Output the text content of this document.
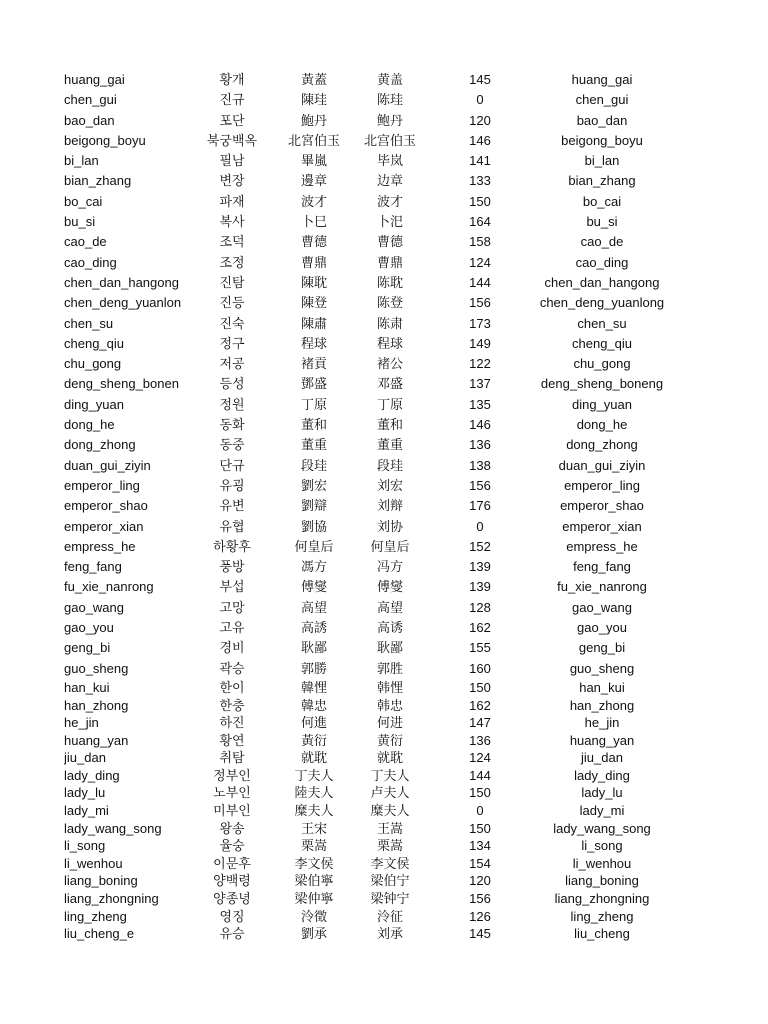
huang_gai	황개	黃蓋	黄盖	145	huang_gai
chen_gui	진규	陳珪	陈珪	0	chen_gui
bao_dan	포단	鮑丹	鲍丹	120	bao_dan
beigong_boyu	북궁백옥	北宮伯玉	北宫伯玉	146	beigong_boyu
bi_lan	필남	畢嵐	毕岚	141	bi_lan
bian_zhang	변장	邊章	边章	133	bian_zhang
bo_cai	파재	波才	波才	150	bo_cai
bu_si	복사	卜巳	卜汜	164	bu_si
cao_de	조덕	曹德	曹德	158	cao_de
cao_ding	조정	曹鼎	曹鼎	124	cao_ding
chen_dan_hangong	진탐	陳耽	陈耽	144	chen_dan_hangong
chen_deng_yuanlon	진등	陳登	陈登	156	chen_deng_yuanlong
chen_su	진숙	陳肅	陈肃	173	chen_su
cheng_qiu	정구	程球	程球	149	cheng_qiu
chu_gong	저공	褚貢	褚公	122	chu_gong
deng_sheng_bonen	등성	鄧盛	邓盛	137	deng_sheng_boneng
ding_yuan	정원	丁原	丁原	135	ding_yuan
dong_he	동화	董和	董和	146	dong_he
dong_zhong	동중	董重	董重	136	dong_zhong
duan_gui_ziyin	단규	段珪	段珪	138	duan_gui_ziyin
emperor_ling	유굉	劉宏	刘宏	156	emperor_ling
emperor_shao	유변	劉辯	刘辩	176	emperor_shao
emperor_xian	유협	劉協	刘协	0	emperor_xian
empress_he	하황후	何皇后	何皇后	152	empress_he
feng_fang	풍방	馮方	冯方	139	feng_fang
fu_xie_nanrong	부섭	傅燮	傅燮	139	fu_xie_nanrong
gao_wang	고망	高望	高望	128	gao_wang
gao_you	고유	高誘	高诱	162	gao_you
geng_bi	경비	耿鄙	耿鄙	155	geng_bi
guo_sheng	곽승	郭勝	郭胜	160	guo_sheng
han_kui	한이	韓悝	韩悝	150	han_kui
han_zhong	한충	韓忠	韩忠	162	han_zhong
he_jin	하진	何進	何进	147	he_jin
huang_yan	황연	黃衍	黄衍	136	huang_yan
jiu_dan	취탐	就耽	就耽	124	jiu_dan
lady_ding	정부인	丁夫人	丁夫人	144	lady_ding
lady_lu	노부인	陸夫人	卢夫人	150	lady_lu
lady_mi	미부인	糜夫人	糜夫人	0	lady_mi
lady_wang_song	왕송	王宋	王嵩	150	lady_wang_song
li_song	율숭	栗嵩	栗嵩	134	li_song
li_wenhou	이문후	李文侯	李文侯	154	li_wenhou
liang_boning	양백령	梁伯寧	梁伯宁	120	liang_boning
liang_zhongning	양종녕	梁仲寧	梁钟宁	156	liang_zhongning
ling_zheng	영징	泠徵	泠征	126	ling_zheng
liu_cheng_e	유승	劉承	刘承	145	liu_cheng
